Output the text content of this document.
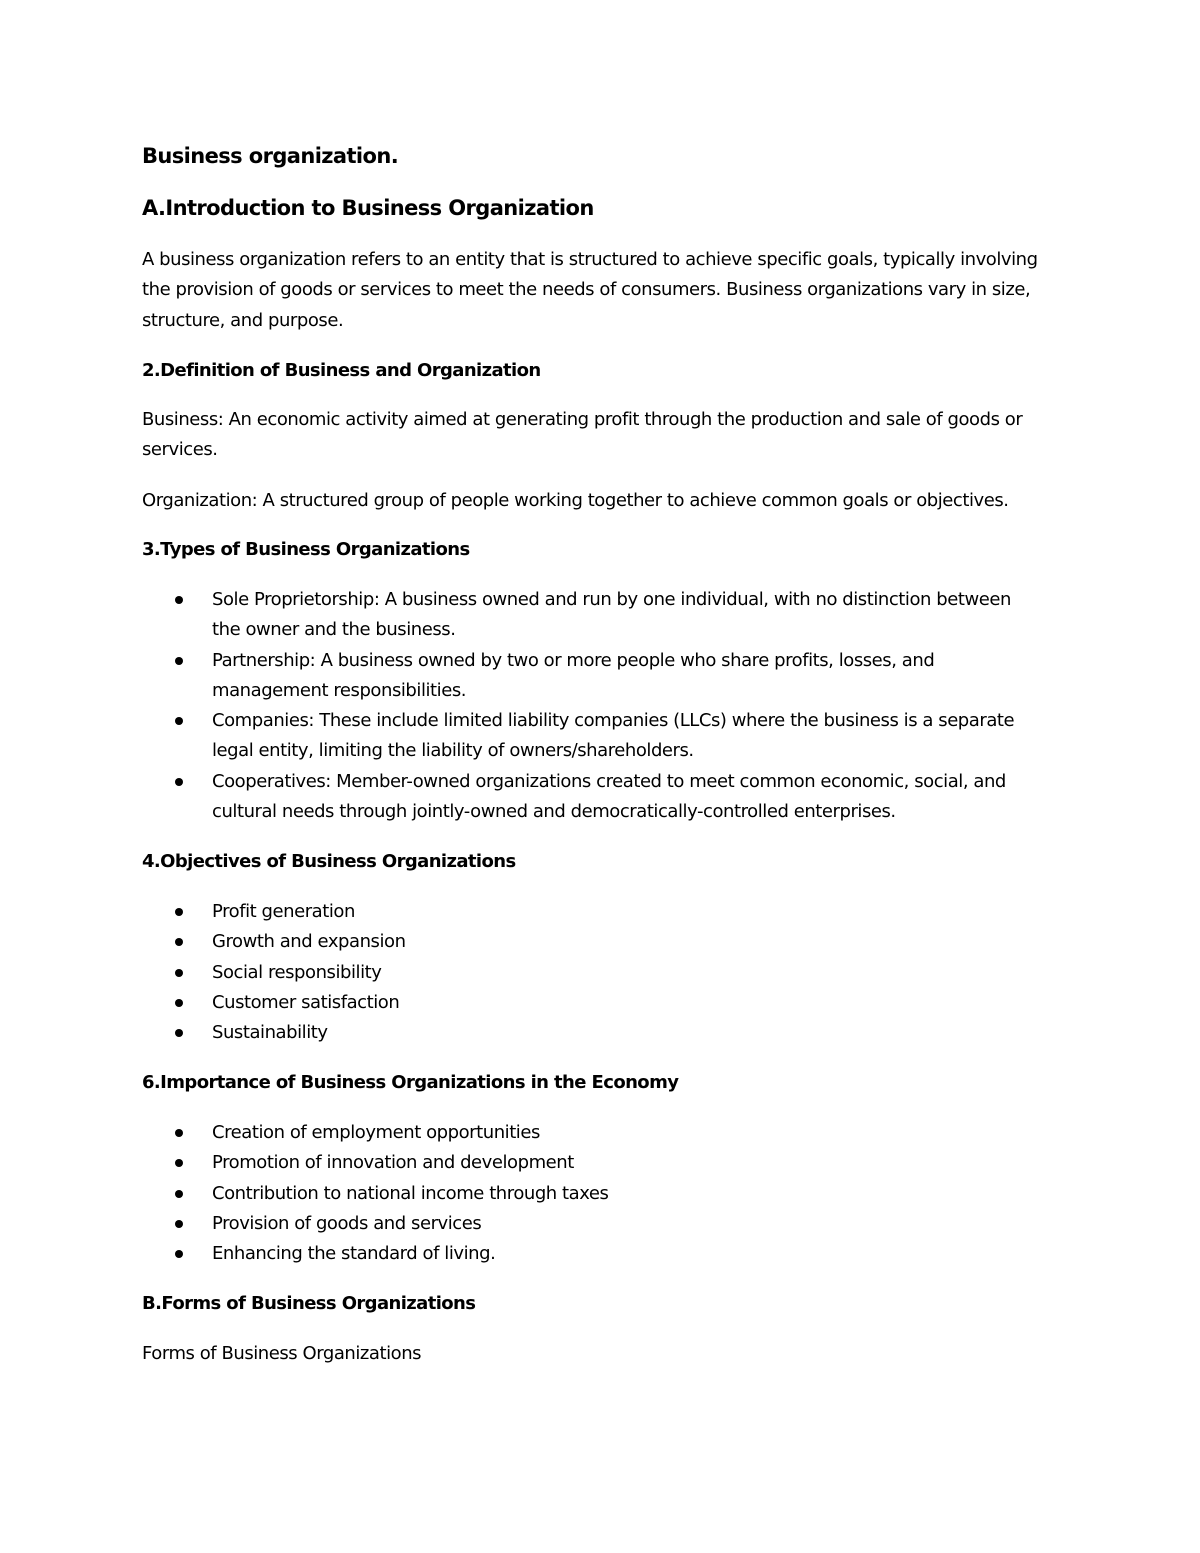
Business organization.
A.Introduction to Business Organization

A business organization refers to an entity that is structured to achieve specific goals, typically involving
the provision of goods or services to meet the needs of consumers. Business organizations vary in size,
structure, and purpose.

2.Definition of Business and Organization

Business: An economic activity aimed at generating profit through the production and sale of goods or
services.

Organization: A structured group of people working together to achieve common goals or objectives.

3.Types of Business Organizations
Sole Proprietorship: A business owned and run by one individual, with no distinction between
the owner and the business.
Partnership: A business owned by two or more people who share profits, losses, and
management responsibilities.
Companies: These include limited liability companies (LLCs) where the business is a separate
legal entity, limiting the liability of owners/shareholders.
Cooperatives: Member-owned organizations created to meet common economic, social, and
cultural needs through jointly-owned and democratically-controlled enterprises.
4.Objectives of Business Organizations
Profit generation
Growth and expansion
Social responsibility
Customer satisfaction
Sustainability
6.Importance of Business Organizations in the Economy
Creation of employment opportunities
Promotion of innovation and development
Contribution to national income through taxes
Provision of goods and services
Enhancing the standard of living.
B.Forms of Business Organizations

Forms of Business Organizations
